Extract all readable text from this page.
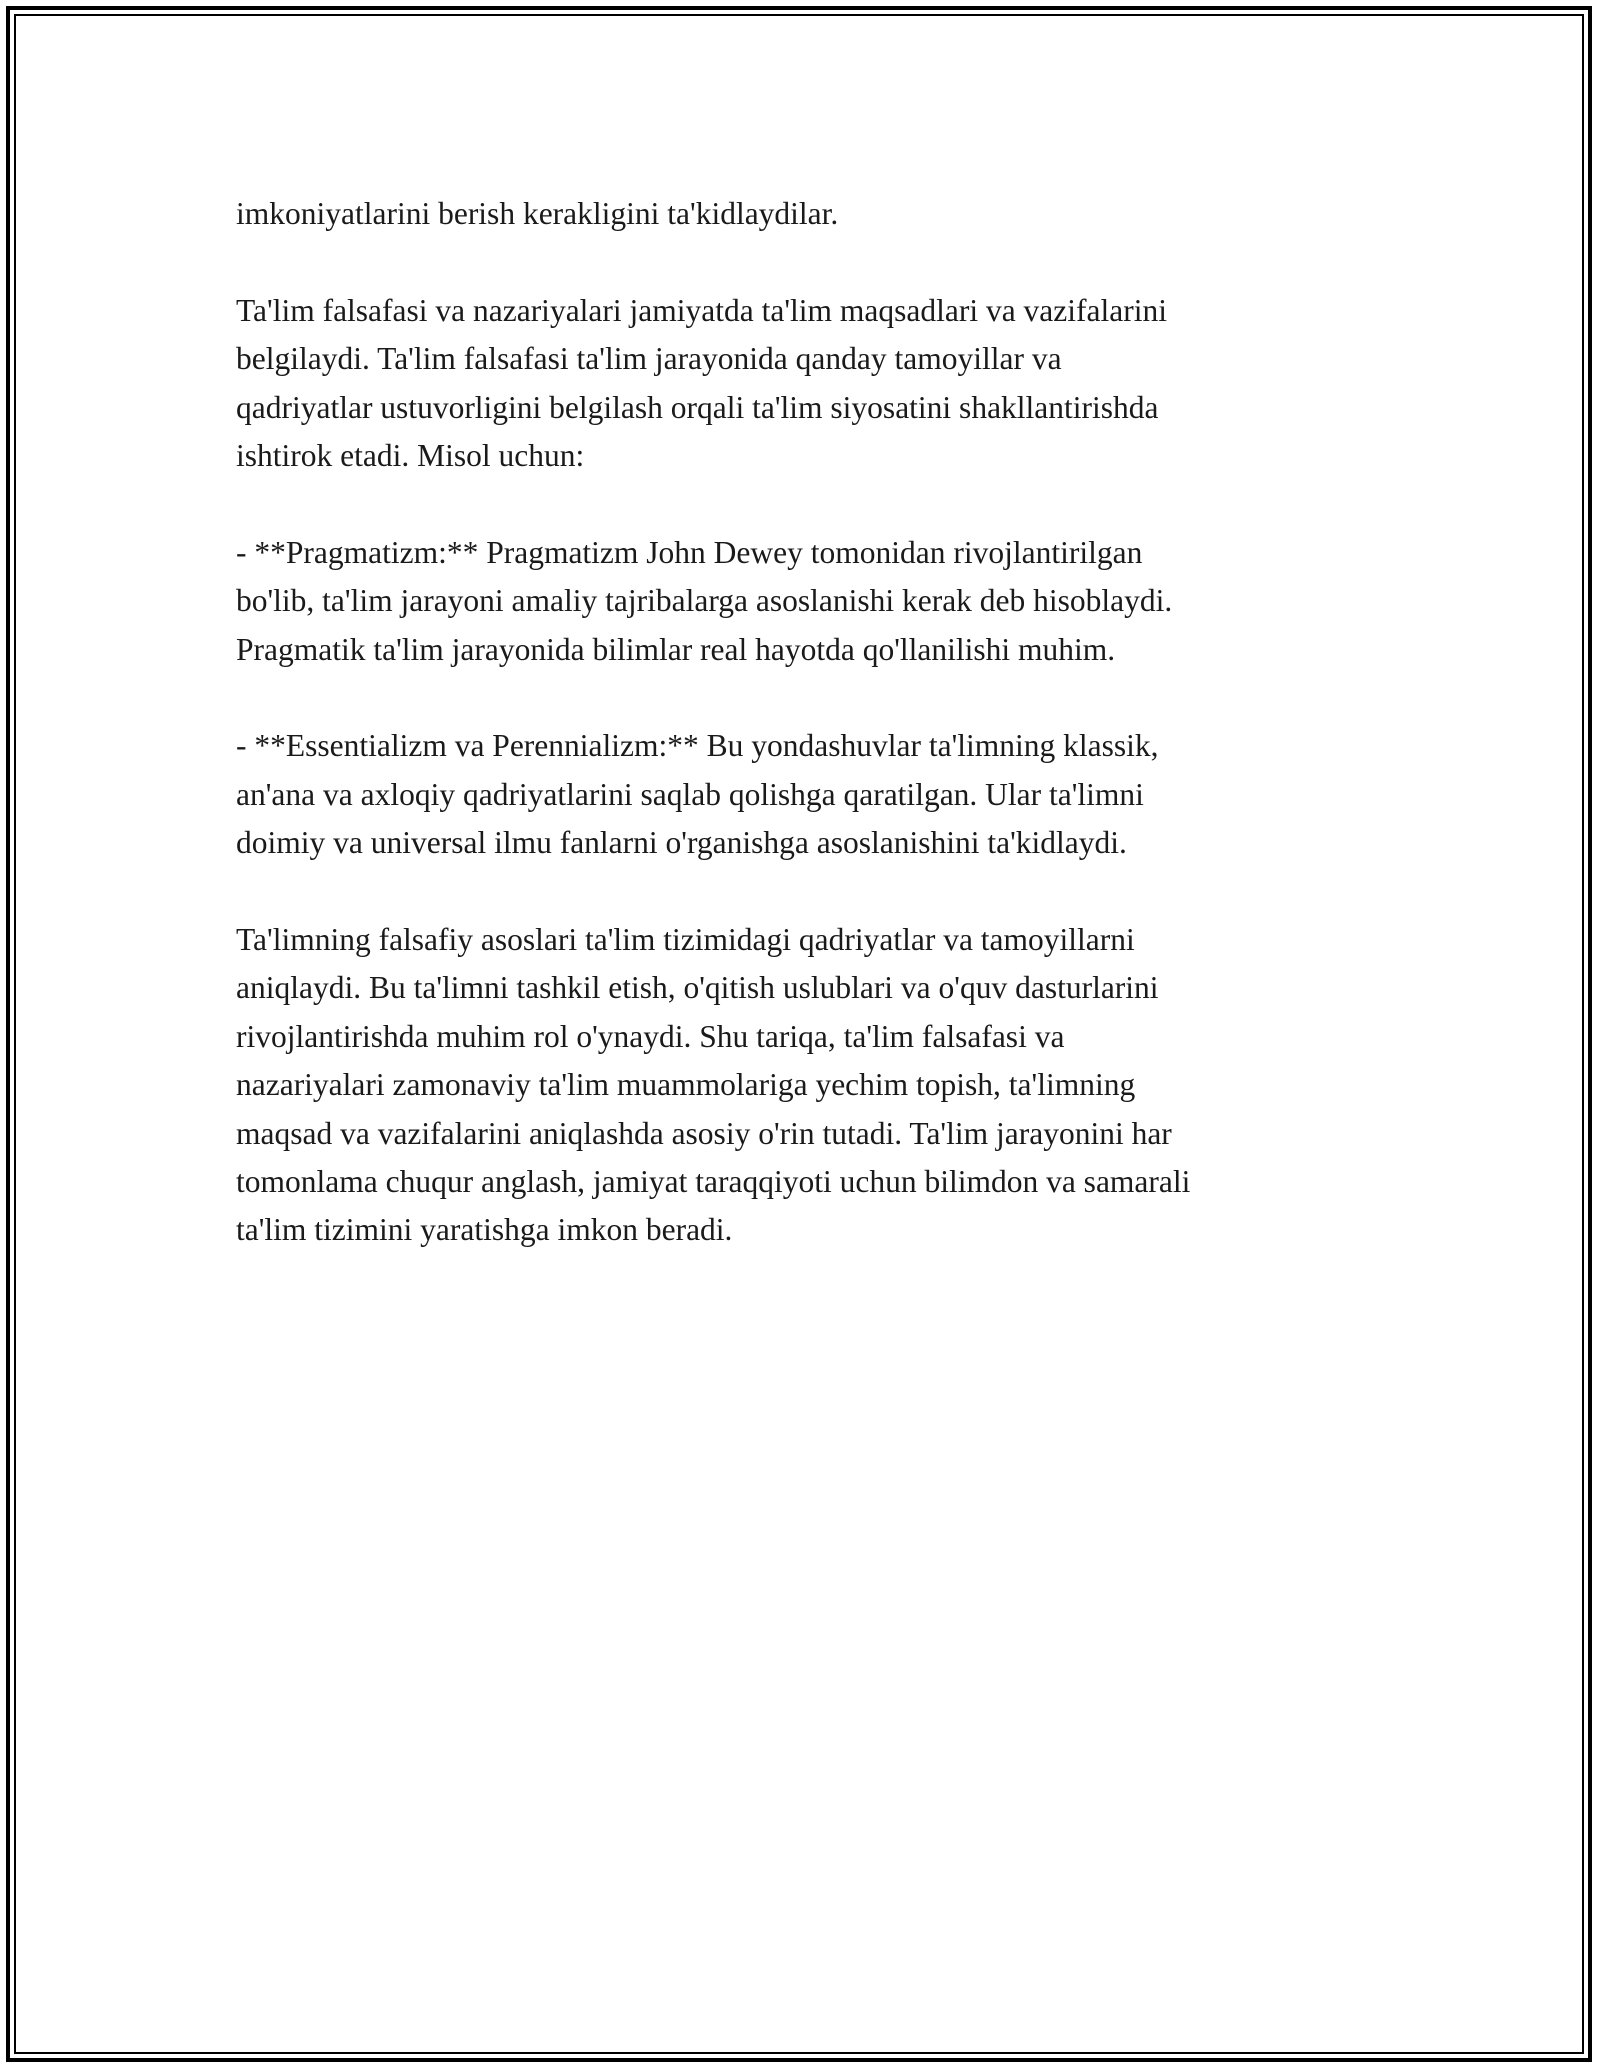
imkoniyatlarini berish kerakligini ta'kidlaydilar.

Ta'lim falsafasi va nazariyalari jamiyatda ta'lim maqsadlari va vazifalarini
belgilaydi. Ta'lim falsafasi ta'lim jarayonida qanday tamoyillar va
qadriyatlar ustuvorligini belgilash orqali ta'lim siyosatini shakllantirishda
ishtirok etadi. Misol uchun:

- **Pragmatizm:** Pragmatizm John Dewey tomonidan rivojlantirilgan
bo'lib, ta'lim jarayoni amaliy tajribalarga asoslanishi kerak deb hisoblaydi.
Pragmatik ta'lim jarayonida bilimlar real hayotda qo'llanilishi muhim.

- **Essentializm va Perennializm:** Bu yondashuvlar ta'limning klassik,
an'ana va axloqiy qadriyatlarini saqlab qolishga qaratilgan. Ular ta'limni
doimiy va universal ilmu fanlarni o'rganishga asoslanishini ta'kidlaydi.

Ta'limning falsafiy asoslari ta'lim tizimidagi qadriyatlar va tamoyillarni
aniqlaydi. Bu ta'limni tashkil etish, o'qitish uslublari va o'quv dasturlarini
rivojlantirishda muhim rol o'ynaydi. Shu tariqa, ta'lim falsafasi va
nazariyalari zamonaviy ta'lim muammolariga yechim topish, ta'limning
maqsad va vazifalarini aniqlashda asosiy o'rin tutadi. Ta'lim jarayonini har
tomonlama chuqur anglash, jamiyat taraqqiyoti uchun bilimdon va samarali
ta'lim tizimini yaratishga imkon beradi.
